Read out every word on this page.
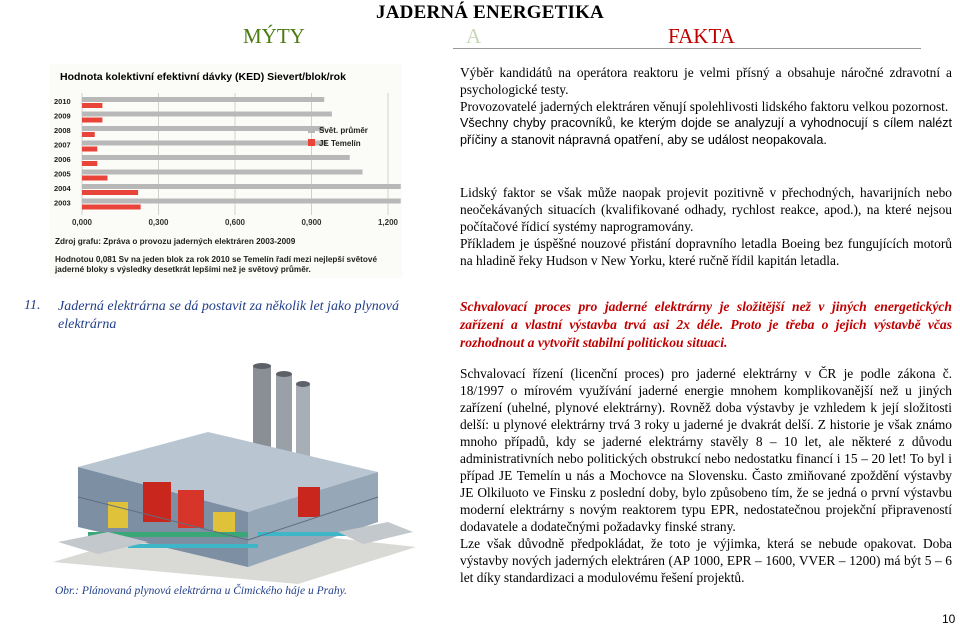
JADERNÁ ENERGETIKA
MÝTY	A	FAKTA
0,000	0,300	0,600	0,900	1,200
2010
2009
2008
2007
2006
2005
2004
2003
Svět. průměr
JE Temelín
Hodnota kolektivní efektivní dávky (KED) Sievert/blok/rok
Zdroj grafu: Zpráva o provozu jaderných elektráren 2003-2009
Hodnotou 0,081 Sv na jeden blok za rok 2010 se Temelín řadí mezi nejlepší světové jaderné bloky s výsledky desetkrát lepšími než je světový průměr.

Výběr kandidátů na operátora reaktoru je velmi přísný a obsahuje náročné zdravotní a psychologické testy.

Provozovatelé jaderných elektráren věnují spolehlivosti lidského faktoru velkou pozornost.

Všechny chyby pracovníků, ke kterým dojde se analyzují a vyhodnocují s cílem nalézt příčiny a stanovit nápravná opatření, aby se událost neopakovala.

Lidský faktor se však může naopak projevit pozitivně v přechodných, havarijních nebo neočekávaných situacích (kvalifikované odhady, rychlost reakce, apod.), na které nejsou počítačové řídicí systémy naprogramovány.

Příkladem je úspěšné nouzové přistání dopravního letadla Boeing bez fungujících motorů na hladině řeky Hudson v New Yorku, které ručně řídil kapitán letadla.

11. Jaderná elektrárna se dá postavit za několik let jako plynová elektrárna
Schvalovací proces pro jaderné elektrárny je složitější než v jiných energetických zařízení a vlastní výstavba trvá asi 2x déle. Proto je třeba o jejich výstavbě včas rozhodnout a vytvořit stabilní politickou situaci.
Obr.: Plánovaná plynová elektrárna u Čimického háje u Prahy.

Schvalovací řízení (licenční proces) pro jaderné elektrárny v ČR je podle zákona č. 18/1997 o mírovém využívání jaderné energie mnohem komplikovanější než u jiných zařízení (uhelné, plynové elektrárny). Rovněž doba výstavby je vzhledem k její složitosti delší: u plynové elektrárny trvá 3 roky u jaderné je dvakrát delší. Z historie je však známo mnoho případů, kdy se jaderné elektrárny stavěly 8 – 10 let, ale některé z důvodu administrativních nebo politických obstrukcí nebo nedostatku financí i 15 – 20 let! To byl i případ JE Temelín u nás a Mochovce na Slovensku. Často zmiňované zpoždění výstavby JE Olkiluoto ve Finsku z poslední doby, bylo způsobeno tím, že se jedná o první výstavbu moderní elektrárny s novým reaktorem typu EPR, nedostatečnou projekční připraveností dodavatele a dodatečnými požadavky finské strany.

Lze však důvodně předpokládat, že toto je výjimka, která se nebude opakovat. Doba výstavby nových jaderných elektráren (AP 1000, EPR – 1600, VVER – 1200) má být 5 – 6 let díky standardizaci a modulovému řešení projektů.

10
